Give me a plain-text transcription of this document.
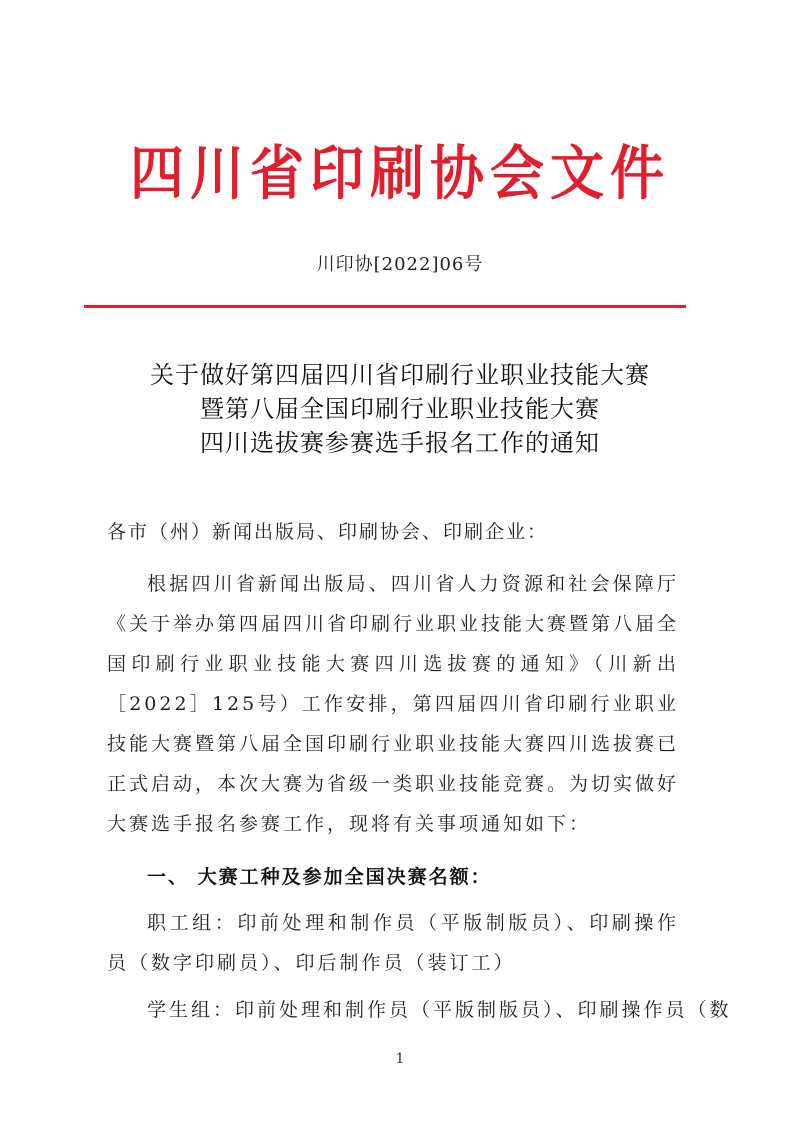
四川省印刷协会文件
川印协[2022]06号
关于做好第四届四川省印刷行业职业技能大赛
暨第八届全国印刷行业职业技能大赛
四川选拔赛参赛选手报名工作的通知
各市（州）新闻出版局、印刷协会、印刷企业：
根据四川省新闻出版局、四川省人力资源和社会保障厅《关于举办第四届四川省印刷行业职业技能大赛暨第八届全国印刷行业职业技能大赛四川选拔赛的通知》（川新出［2022］125号）工作安排，第四届四川省印刷行业职业技能大赛暨第八届全国印刷行业职业技能大赛四川选拔赛已正式启动，本次大赛为省级一类职业技能竞赛。为切实做好大赛选手报名参赛工作，现将有关事项通知如下：
一、 大赛工种及参加全国决赛名额：
职工组：印前处理和制作员（平版制版员）、印刷操作员（数字印刷员）、印后制作员（装订工）
学生组：印前处理和制作员（平版制版员）、印刷操作员（数
1
